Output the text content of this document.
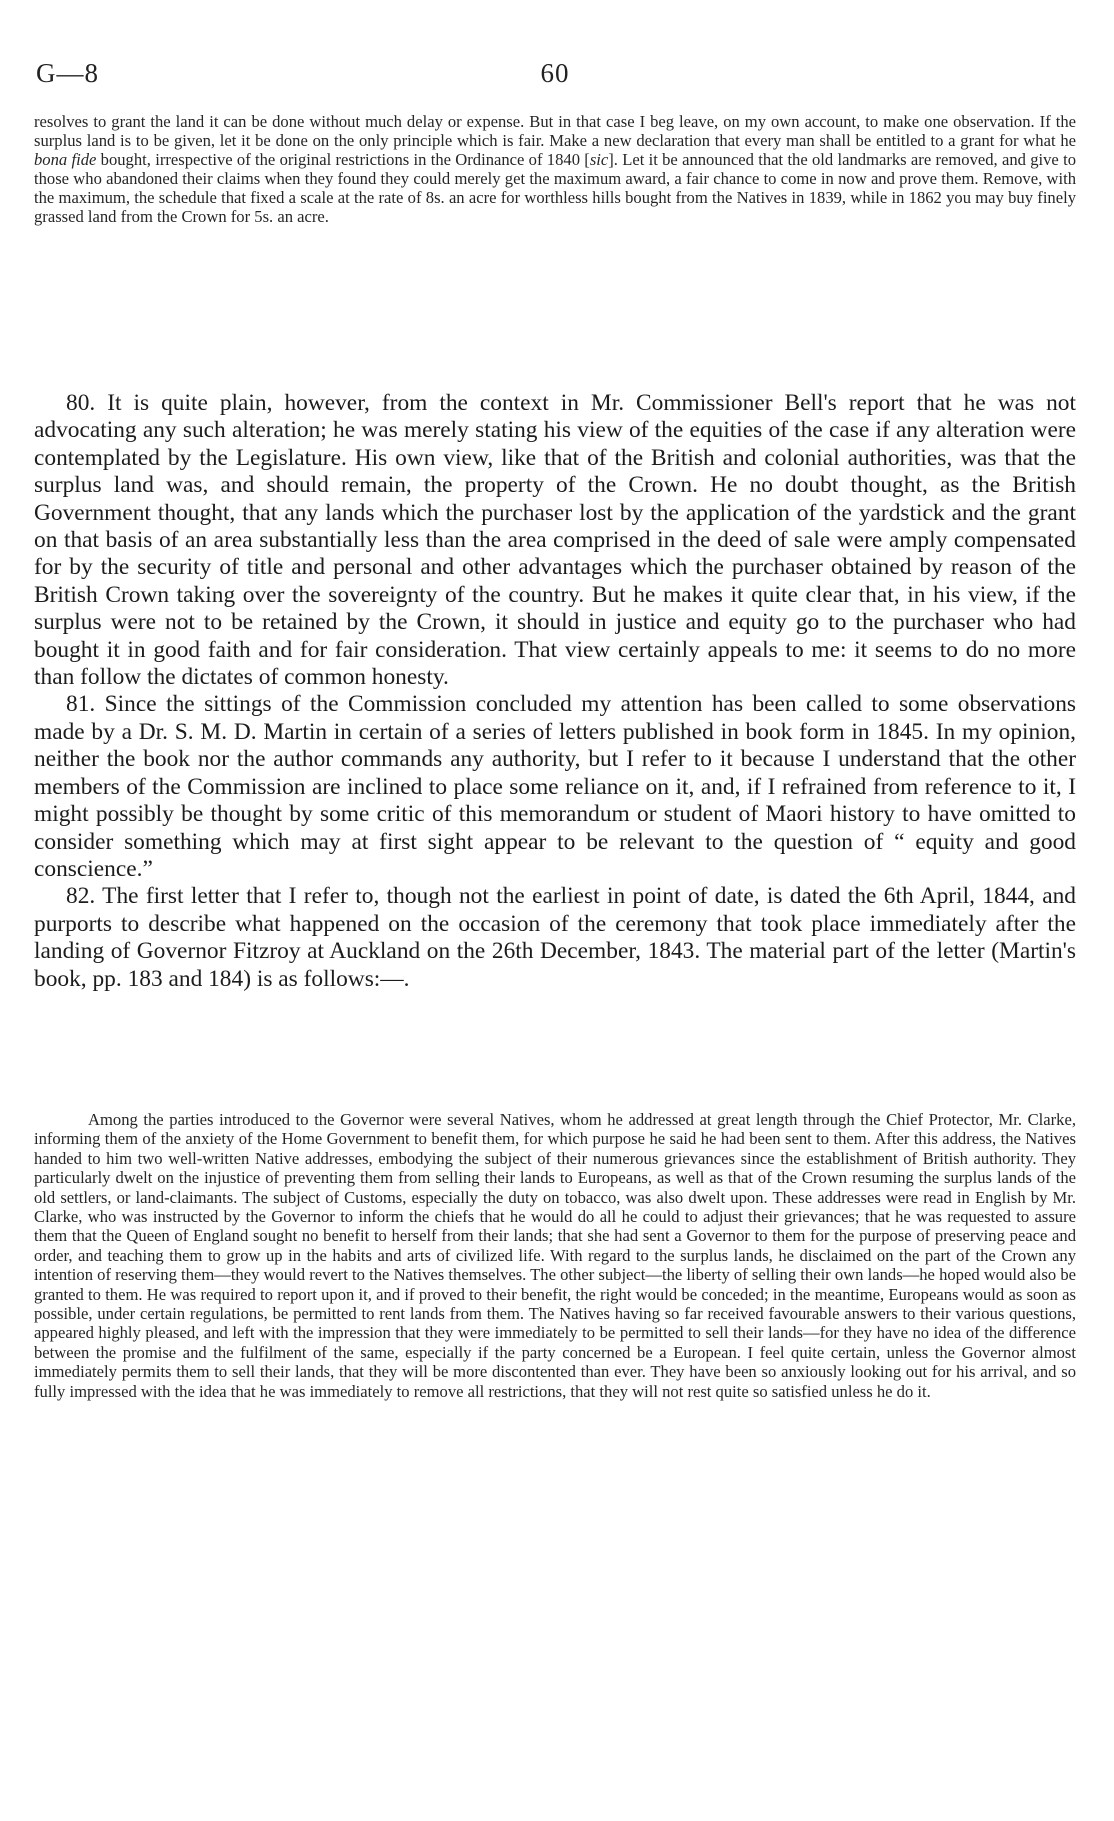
G—8	60
resolves to grant the land it can be done without much delay or expense. But in that case I beg leave, on my own account, to make one observation. If the surplus land is to be given, let it be done on the only principle which is fair. Make a new declaration that every man shall be entitled to a grant for what he bona fide bought, irrespective of the original restrictions in the Ordinance of 1840 [sic]. Let it be announced that the old landmarks are removed, and give to those who abandoned their claims when they found they could merely get the maximum award, a fair chance to come in now and prove them. Remove, with the maximum, the schedule that fixed a scale at the rate of 8s. an acre for worthless hills bought from the Natives in 1839, while in 1862 you may buy finely grassed land from the Crown for 5s. an acre.

80. It is quite plain, however, from the context in Mr. Commissioner Bell's report that he was not advocating any such alteration; he was merely stating his view of the equities of the case if any alteration were contemplated by the Legislature. His own view, like that of the British and colonial authorities, was that the surplus land was, and should remain, the property of the Crown. He no doubt thought, as the British Government thought, that any lands which the purchaser lost by the application of the yardstick and the grant on that basis of an area substantially less than the area comprised in the deed of sale were amply compensated for by the security of title and personal and other advantages which the purchaser obtained by reason of the British Crown taking over the sovereignty of the country. But he makes it quite clear that, in his view, if the surplus were not to be retained by the Crown, it should in justice and equity go to the purchaser who had bought it in good faith and for fair consideration. That view certainly appeals to me: it seems to do no more than follow the dictates of common honesty.

81. Since the sittings of the Commission concluded my attention has been called to some observations made by a Dr. S. M. D. Martin in certain of a series of letters published in book form in 1845. In my opinion, neither the book nor the author commands any authority, but I refer to it because I understand that the other members of the Commission are inclined to place some reliance on it, and, if I refrained from reference to it, I might possibly be thought by some critic of this memorandum or student of Maori history to have omitted to consider something which may at first sight appear to be relevant to the question of “ equity and good conscience.”

82. The first letter that I refer to, though not the earliest in point of date, is dated the 6th April, 1844, and purports to describe what happened on the occasion of the ceremony that took place immediately after the landing of Governor Fitzroy at Auckland on the 26th December, 1843. The material part of the letter (Martin's book, pp. 183 and 184) is as follows:—.

Among the parties introduced to the Governor were several Natives, whom he addressed at great length through the Chief Protector, Mr. Clarke, informing them of the anxiety of the Home Government to benefit them, for which purpose he said he had been sent to them. After this address, the Natives handed to him two well-written Native addresses, embodying the subject of their numerous grievances since the establishment of British authority. They particularly dwelt on the injustice of preventing them from selling their lands to Europeans, as well as that of the Crown resuming the surplus lands of the old settlers, or land-claimants. The subject of Customs, especially the duty on tobacco, was also dwelt upon. These addresses were read in English by Mr. Clarke, who was instructed by the Governor to inform the chiefs that he would do all he could to adjust their grievances; that he was requested to assure them that the Queen of England sought no benefit to herself from their lands; that she had sent a Governor to them for the purpose of preserving peace and order, and teaching them to grow up in the habits and arts of civilized life. With regard to the surplus lands, he disclaimed on the part of the Crown any intention of reserving them—they would revert to the Natives themselves. The other subject—the liberty of selling their own lands—he hoped would also be granted to them. He was required to report upon it, and if proved to their benefit, the right would be conceded; in the meantime, Europeans would as soon as possible, under certain regulations, be permitted to rent lands from them. The Natives having so far received favourable answers to their various questions, appeared highly pleased, and left with the impression that they were immediately to be permitted to sell their lands—for they have no idea of the difference between the promise and the fulfilment of the same, especially if the party concerned be a European. I feel quite certain, unless the Governor almost immediately permits them to sell their lands, that they will be more discontented than ever. They have been so anxiously looking out for his arrival, and so fully impressed with the idea that he was immediately to remove all restrictions, that they will not rest quite so satisfied unless he do it.
